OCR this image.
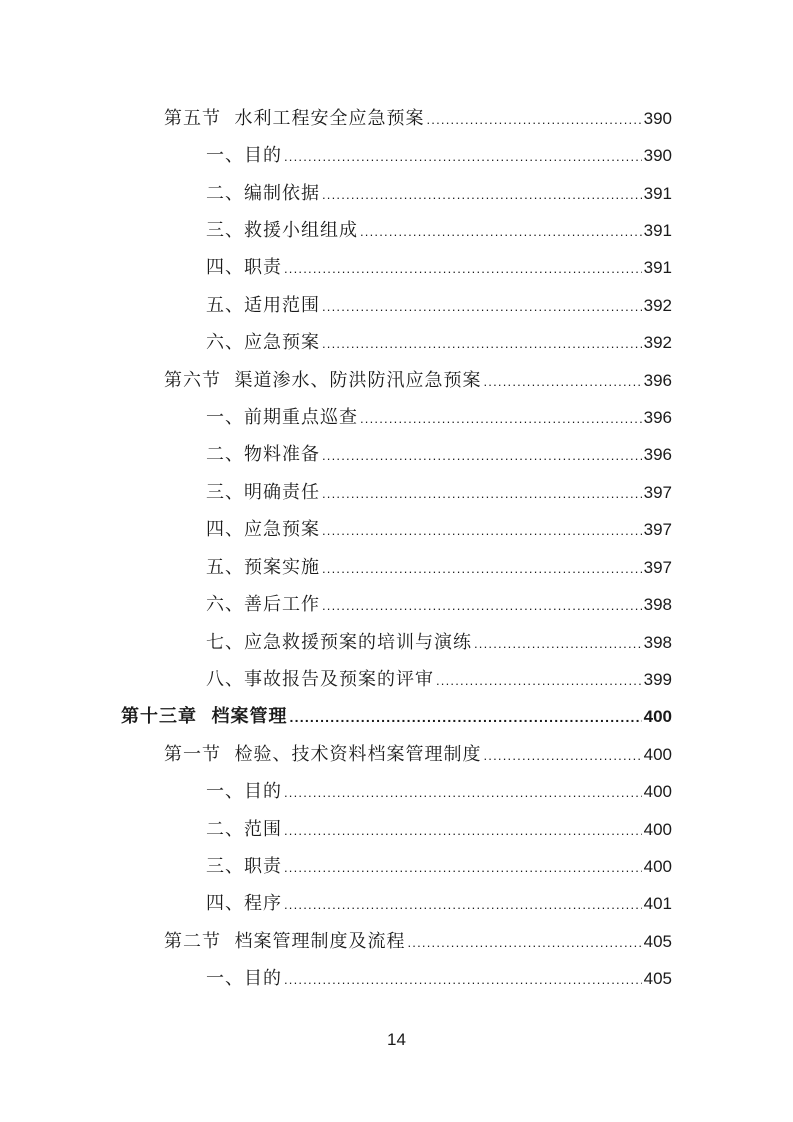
第五节  水利工程安全应急预案 .....	390
一、目的 .....	390
二、编制依据 .....	391
三、救援小组组成 .....	391
四、职责 .....	391
五、适用范围 .....	392
六、应急预案 .....	392
第六节  渠道渗水、防洪防汛应急预案 .....	396
一、前期重点巡查 .....	396
二、物料准备 .....	396
三、明确责任 .....	397
四、应急预案 .....	397
五、预案实施 .....	397
六、善后工作 .....	398
七、应急救援预案的培训与演练 .....	398
八、事故报告及预案的评审 .....	399
第十三章  档案管理 .....	400
第一节  检验、技术资料档案管理制度 .....	400
一、目的 .....	400
二、范围 .....	400
三、职责 .....	400
四、程序 .....	401
第二节  档案管理制度及流程 .....	405
一、目的 .....	405
14
